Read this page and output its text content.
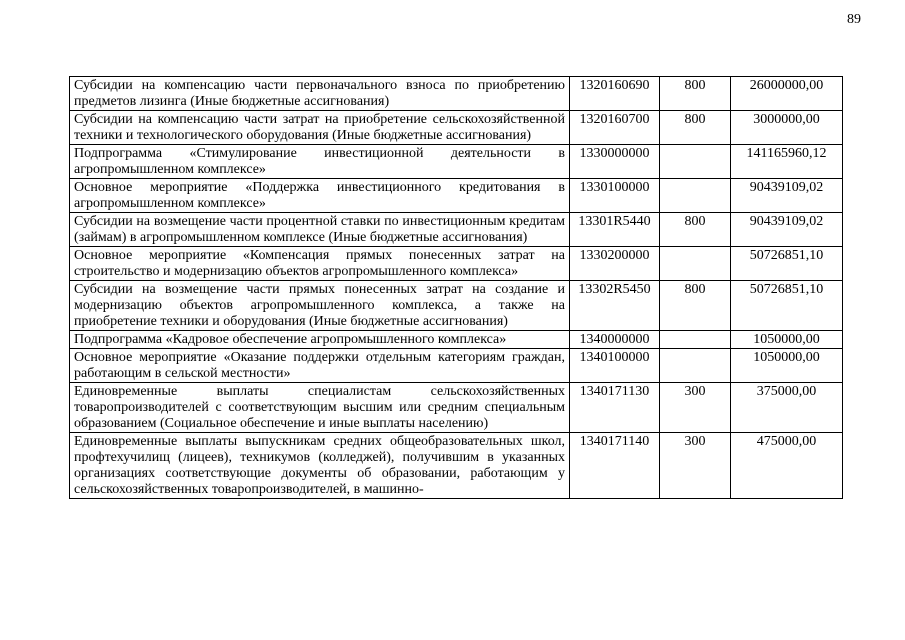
89
Субсидии на компенсацию части первоначального взноса по приобретению предметов лизинга (Иные бюджетные ассигнования)	1320160690	800	26000000,00
Субсидии на компенсацию части затрат на приобретение сельскохозяйственной техники и технологического оборудования (Иные бюджетные ассигнования)	1320160700	800	3000000,00
Подпрограмма «Стимулирование инвестиционной деятельности в агропромышленном комплексе»	1330000000		141165960,12
Основное мероприятие «Поддержка инвестиционного кредитования в агропромышленном комплексе»	1330100000		90439109,02
Субсидии на возмещение части процентной ставки по инвестиционным кредитам (займам) в агропромышленном комплексе (Иные бюджетные ассигнования)	13301R5440	800	90439109,02
Основное мероприятие «Компенсация прямых понесенных затрат на строительство и модернизацию объектов агропромышленного комплекса»	1330200000		50726851,10
Субсидии на возмещение части прямых понесенных затрат на создание и модернизацию объектов агропромышленного комплекса, а также на приобретение техники и оборудования (Иные бюджетные ассигнования)	13302R5450	800	50726851,10
Подпрограмма «Кадровое обеспечение агропромышленного комплекса»	1340000000		1050000,00
Основное мероприятие «Оказание поддержки отдельным категориям граждан, работающим в сельской местности»	1340100000		1050000,00
Единовременные выплаты специалистам сельскохозяйственных товаропроизводителей с соответствующим высшим или средним специальным образованием (Социальное обеспечение и иные выплаты населению)	1340171130	300	375000,00
Единовременные выплаты выпускникам средних общеобразовательных школ, профтехучилищ (лицеев), техникумов (колледжей), получившим в указанных организациях соответствующие документы об образовании, работающим у сельскохозяйственных товаропроизводителей, в машинно-	1340171140	300	475000,00
